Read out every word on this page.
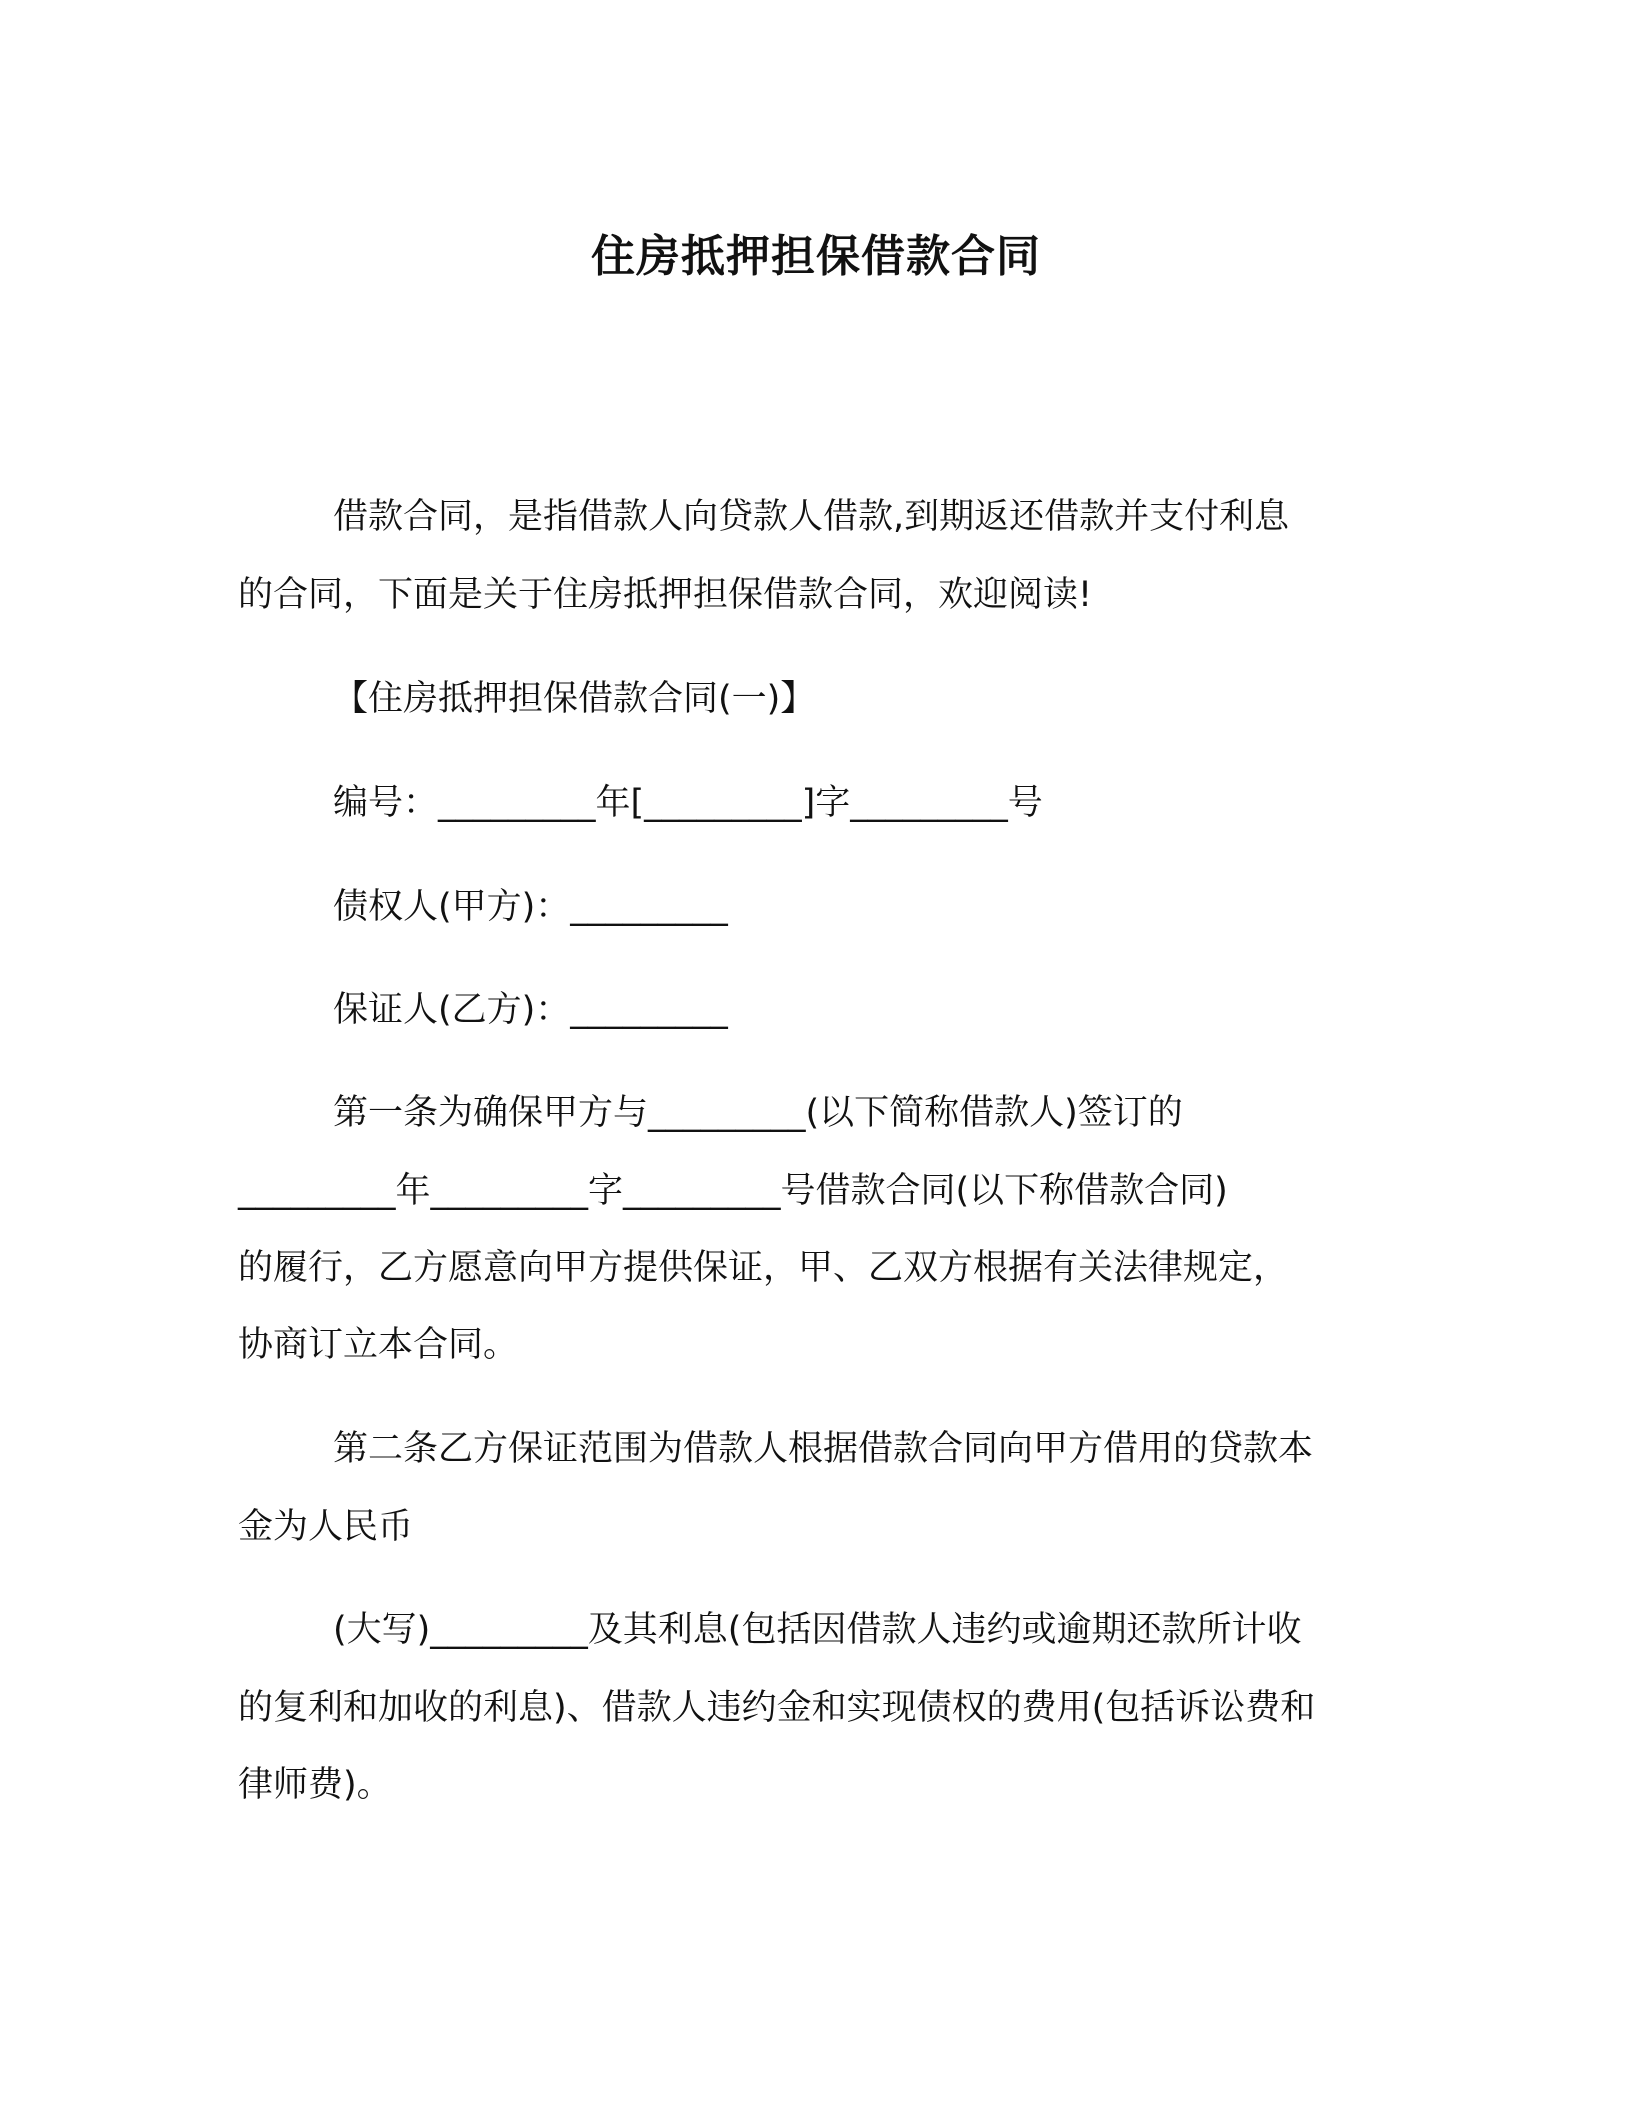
住房抵押担保借款合同
借款合同，是指借款人向贷款人借款,到期返还借款并支付利息
的合同，下面是关于住房抵押担保借款合同，欢迎阅读!
【住房抵押担保借款合同(一)】
编号：_________年[_________]字_________号
债权人(甲方)：_________
保证人(乙方)：_________
第一条为确保甲方与_________(以下简称借款人)签订的
_________年_________字_________号借款合同(以下称借款合同)
的履行，乙方愿意向甲方提供保证，甲、乙双方根据有关法律规定，
协商订立本合同。
第二条乙方保证范围为借款人根据借款合同向甲方借用的贷款本
金为人民币
(大写)_________及其利息(包括因借款人违约或逾期还款所计收
的复利和加收的利息)、借款人违约金和实现债权的费用(包括诉讼费和
律师费)。
